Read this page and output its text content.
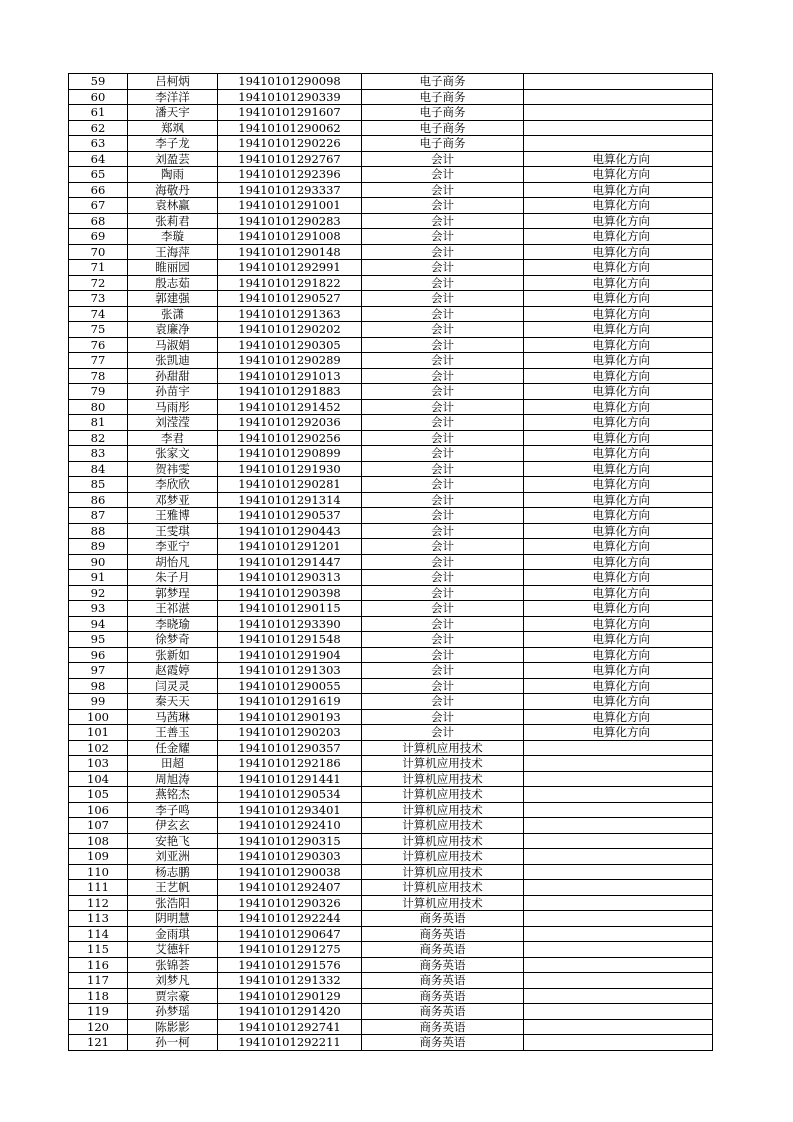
59	吕柯炳	19410101290098	电子商务	
60	李洋洋	19410101290339	电子商务	
61	潘天宇	19410101291607	电子商务	
62	郑飒	19410101290062	电子商务	
63	李子龙	19410101290226	电子商务	
64	刘盈芸	19410101292767	会计	电算化方向
65	陶雨	19410101292396	会计	电算化方向
66	海敬丹	19410101293337	会计	电算化方向
67	袁林赢	19410101291001	会计	电算化方向
68	张莉君	19410101290283	会计	电算化方向
69	李璇	19410101291008	会计	电算化方向
70	王海萍	19410101290148	会计	电算化方向
71	睢丽园	19410101292991	会计	电算化方向
72	殷志茹	19410101291822	会计	电算化方向
73	郭建强	19410101290527	会计	电算化方向
74	张潇	19410101291363	会计	电算化方向
75	袁廉净	19410101290202	会计	电算化方向
76	马淑娟	19410101290305	会计	电算化方向
77	张凯迪	19410101290289	会计	电算化方向
78	孙甜甜	19410101291013	会计	电算化方向
79	孙苗宇	19410101291883	会计	电算化方向
80	马雨彤	19410101291452	会计	电算化方向
81	刘滢滢	19410101292036	会计	电算化方向
82	李君	19410101290256	会计	电算化方向
83	张家文	19410101290899	会计	电算化方向
84	贺祎雯	19410101291930	会计	电算化方向
85	李欣欣	19410101290281	会计	电算化方向
86	邓梦亚	19410101291314	会计	电算化方向
87	王雅博	19410101290537	会计	电算化方向
88	王雯琪	19410101290443	会计	电算化方向
89	李亚宁	19410101291201	会计	电算化方向
90	胡怡凡	19410101291447	会计	电算化方向
91	朱子月	19410101290313	会计	电算化方向
92	郭梦珵	19410101290398	会计	电算化方向
93	王祁湛	19410101290115	会计	电算化方向
94	李晓瑜	19410101293390	会计	电算化方向
95	徐梦奇	19410101291548	会计	电算化方向
96	张新如	19410101291904	会计	电算化方向
97	赵霞婷	19410101291303	会计	电算化方向
98	闫灵灵	19410101290055	会计	电算化方向
99	秦天天	19410101291619	会计	电算化方向
100	马茜琳	19410101290193	会计	电算化方向
101	王善玉	19410101290203	会计	电算化方向
102	任金耀	19410101290357	计算机应用技术	
103	田超	19410101292186	计算机应用技术	
104	周旭涛	19410101291441	计算机应用技术	
105	燕铭杰	19410101290534	计算机应用技术	
106	李子鸣	19410101293401	计算机应用技术	
107	伊玄玄	19410101292410	计算机应用技术	
108	安艳飞	19410101290315	计算机应用技术	
109	刘亚洲	19410101290303	计算机应用技术	
110	杨志鹏	19410101290038	计算机应用技术	
111	王艺帆	19410101292407	计算机应用技术	
112	张浩阳	19410101290326	计算机应用技术	
113	阴明慧	19410101292244	商务英语	
114	金雨琪	19410101290647	商务英语	
115	艾德轩	19410101291275	商务英语	
116	张锦荟	19410101291576	商务英语	
117	刘梦凡	19410101291332	商务英语	
118	贾宗豪	19410101290129	商务英语	
119	孙梦瑶	19410101291420	商务英语	
120	陈影影	19410101292741	商务英语	
121	孙一柯	19410101292211	商务英语	
